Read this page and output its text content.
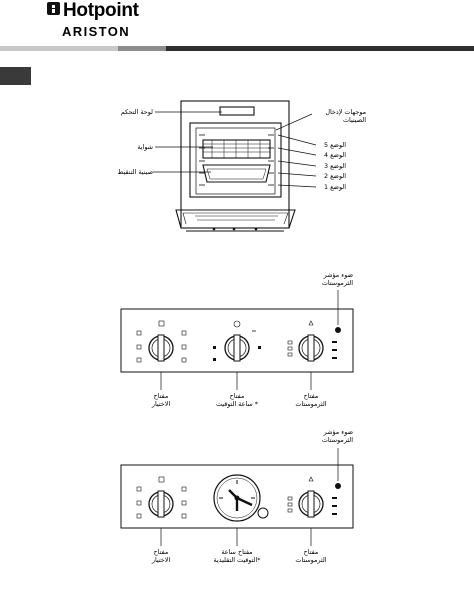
Hotpoint
ARISTON
لوحة التحكم
شواية
صينية التنقيط
موجهات لإدخال
الصينيات
الوضع 5
الوضع 4
الوضع 3
الوضع 2
الوضع 1
ضوء مؤشر
الثرموستات
مفتاح
الاختيار
مفتاح
* ساعة التوقيت
مفتاح
الثرموستات
ضوء مؤشر
الثرموستات
مفتاح
الاختيار
مفتاح ساعة
*التوقيت التقليدية
مفتاح
الثرموستات
